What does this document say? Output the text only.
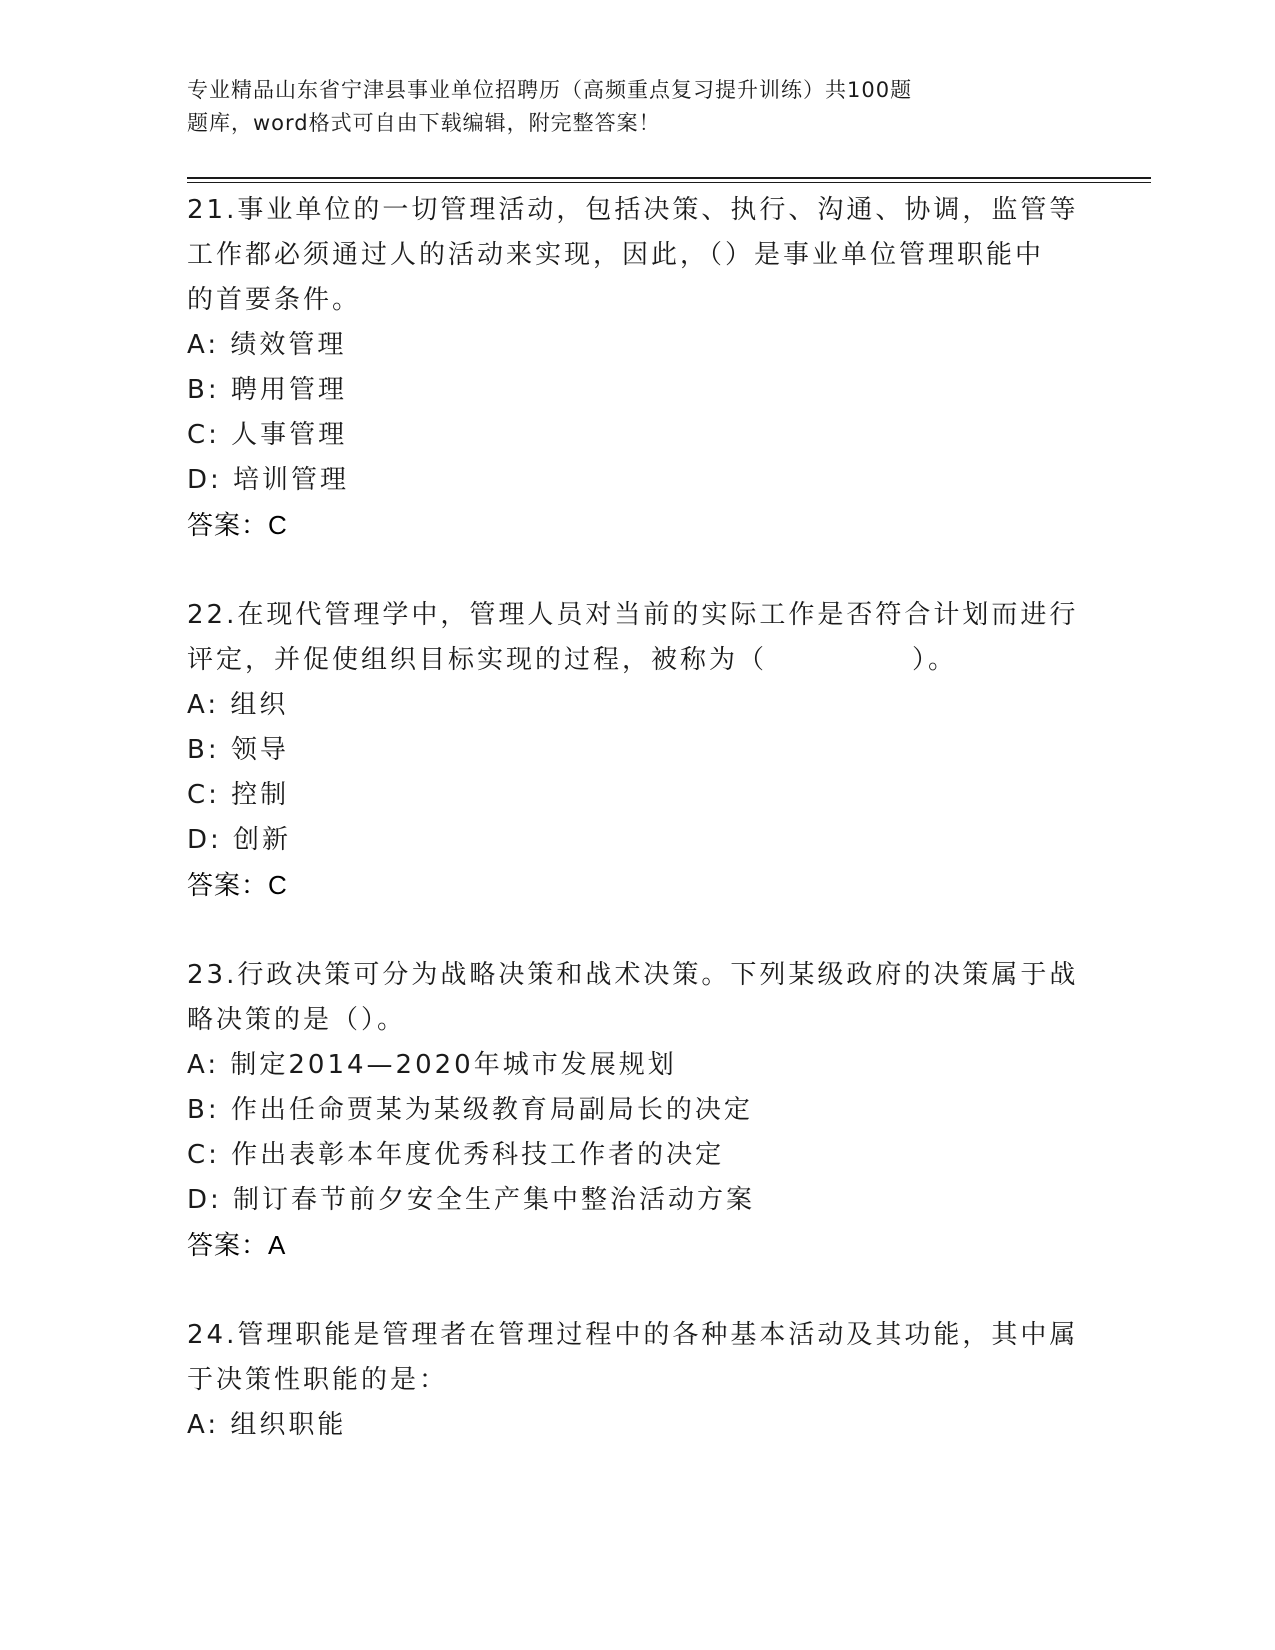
专业精品山东省宁津县事业单位招聘历（高频重点复习提升训练）共100题
题库，word格式可自由下载编辑，附完整答案！
21.事业单位的一切管理活动，包括决策、执行、沟通、协调，监管等
工作都必须通过人的活动来实现，因此，（）是事业单位管理职能中
的首要条件。
A: 绩效管理
B: 聘用管理
C: 人事管理
D: 培训管理
答案：C
22.在现代管理学中，管理人员对当前的实际工作是否符合计划而进行
评定，并促使组织目标实现的过程，被称为（　　　　　）。
A: 组织
B: 领导
C: 控制
D: 创新
答案：C
23.行政决策可分为战略决策和战术决策。下列某级政府的决策属于战
略决策的是（）。
A: 制定2014—2020年城市发展规划
B: 作出任命贾某为某级教育局副局长的决定
C: 作出表彰本年度优秀科技工作者的决定
D: 制订春节前夕安全生产集中整治活动方案
答案：A
24.管理职能是管理者在管理过程中的各种基本活动及其功能，其中属
于决策性职能的是：
A: 组织职能
